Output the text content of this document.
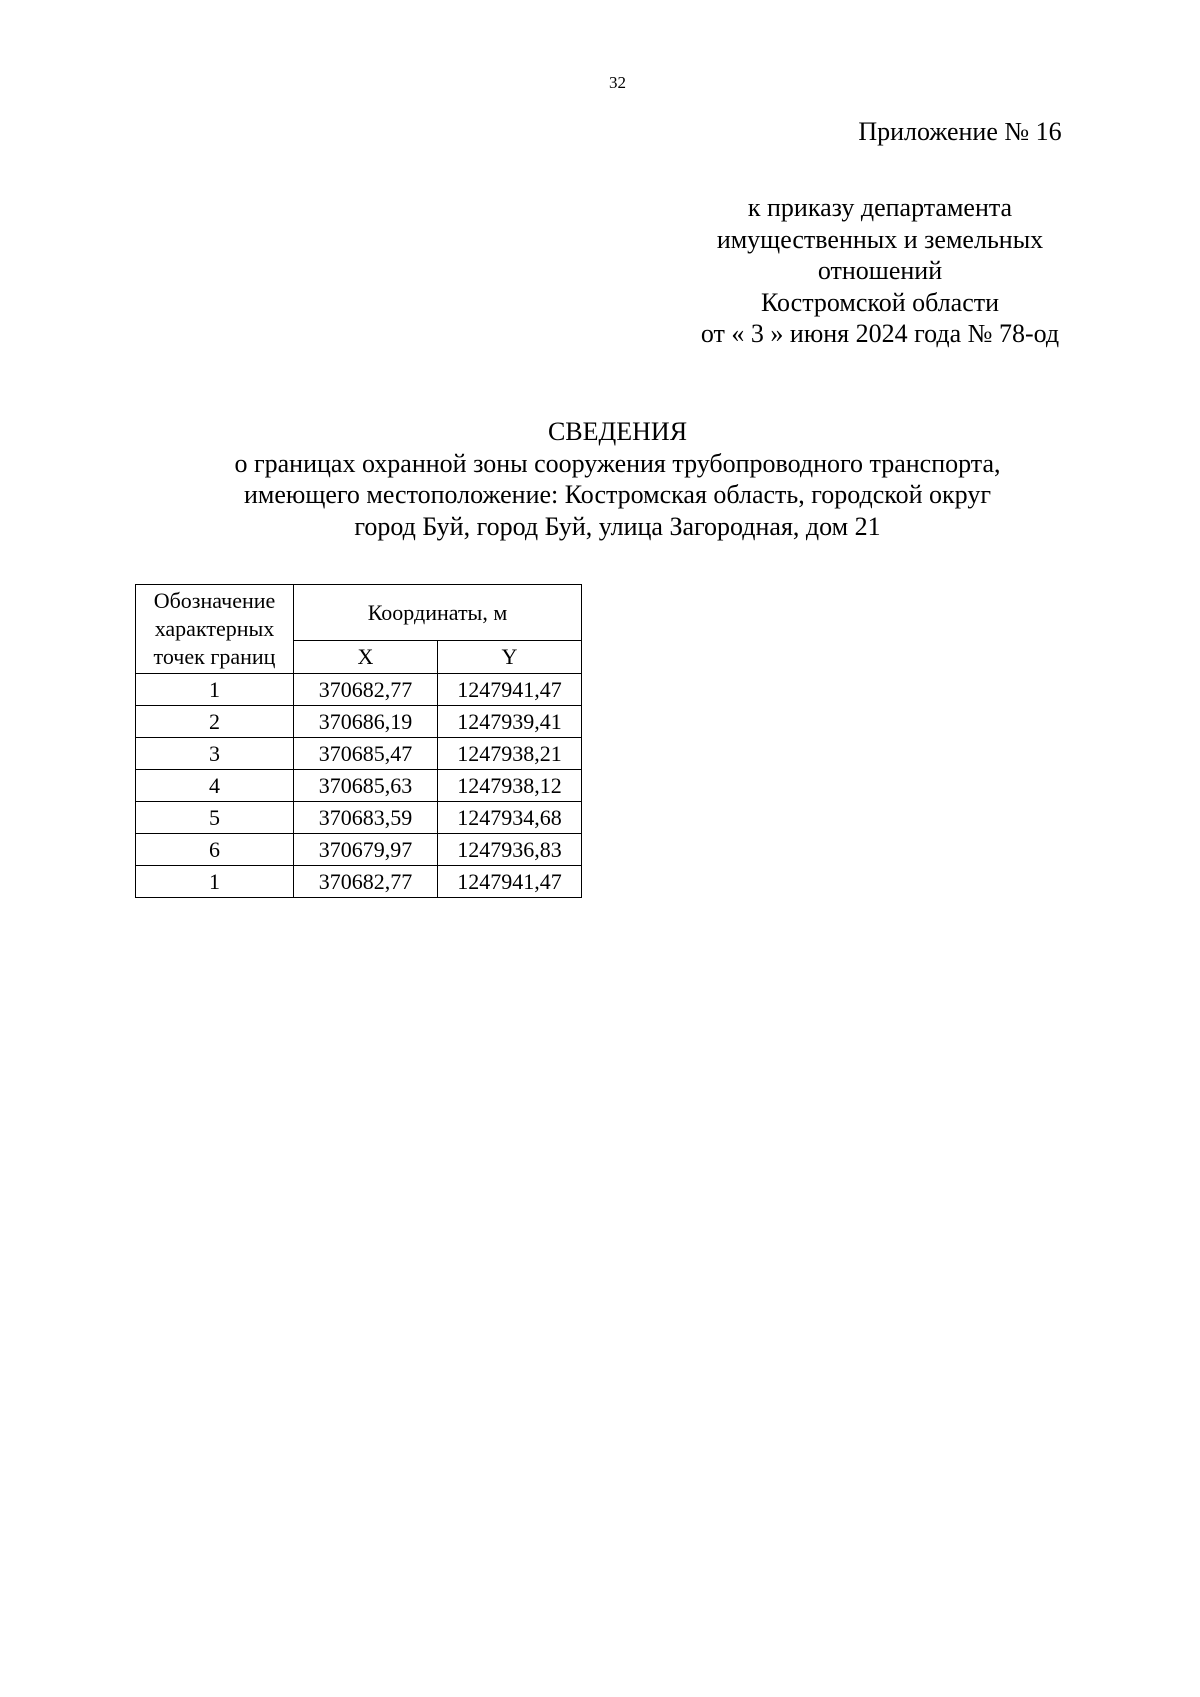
32
Приложение № 16
к приказу департамента
имущественных и земельных
отношений
Костромской области
от « 3 » июня 2024 года № 78-од
СВЕДЕНИЯ
о границах охранной зоны сооружения трубопроводного транспорта,
имеющего местоположение: Костромская область, городской округ
город Буй, город Буй, улица Загородная, дом 21
Обозначение
характерных
точек границ	Координаты, м	
	X	Y
1	370682,77	1247941,47
2	370686,19	1247939,41
3	370685,47	1247938,21
4	370685,63	1247938,12
5	370683,59	1247934,68
6	370679,97	1247936,83
1	370682,77	1247941,47
